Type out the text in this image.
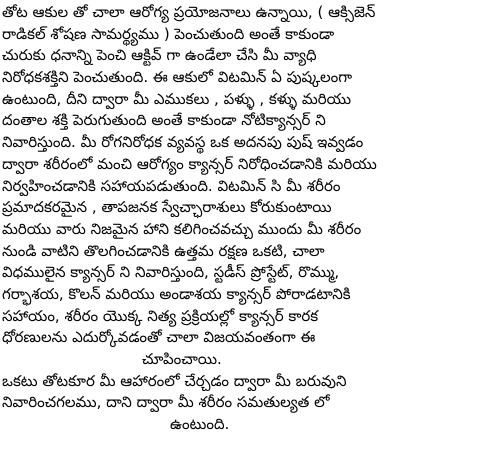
తోట ఆకుల తో చాలా ఆరోగ్య ప్రయోజనాలు ఉన్నాయి, ( ఆక్సిజెన్
రాడికల్ శోషణ సామర్థ్యము ) పెంచుతుంది అంతే కాకుండా
చురుకు ధనాన్ని పెంచి ఆక్టివ్ గా ఉండేలా చేసి మీ వ్యాధి
నిరోధకశక్తిని పెంచుతుంది. ఈ ఆకులో విటమిన్ ఏ పుష్కలంగా
ఉంటుంది, దీని ద్వారా మీ ఎముకలు , పళ్ళు , కళ్ళు మరియు
దంతాల శక్తి పెరుగుతుంది అంతే కాకుండా నోటిక్యాన్సర్ ని
నివారిస్తుంది. మీ రోగనిరోధక వ్యవస్థ ఒక అదనపు పుష్ ఇవ్వడం
ద్వారా శరీరంలో మంచి ఆరోగ్యం క్యాన్సర్ నిరోధించడానికి మరియు
నిర్వహించడానికి సహాయపడుతుంది. విటమిన్ సి మీ శరీరం
ప్రమాదకరమైన , తాపజనక స్వేచ్ఛారాశులు కోరుకుంటాయి
మరియు వారు నిజమైన హాని కలిగించవచ్చు ముందు మీ శరీరం
నుండి వాటిని తొలగించడానికి ఉత్తమ రక్షణ ఒకటి, చాలా
విధములైన క్యాన్సర్ ని నివారిస్తుంది, స్టడీస్ ప్రోస్టేట్, రొమ్ము,
గర్భాశయ, కొలన్ మరియు అండాశయ క్యాన్సర్ పోరాడటానికి
సహాయం, శరీరం యొక్క నిత్య ప్రక్రియల్లో క్యాన్సర్ కారక
ధోరణులను ఎదుర్కోవడంతో చాలా విజయవంతంగా ఈ
చూపించాయి.
ఒకటు తోటకూర మీ ఆహారంలో చేర్చడం ద్వారా మీ బరువుని
నివారించగలము, దాని ద్వారా మీ శరీరం సమతుల్యత లో
ఉంటుంది.
